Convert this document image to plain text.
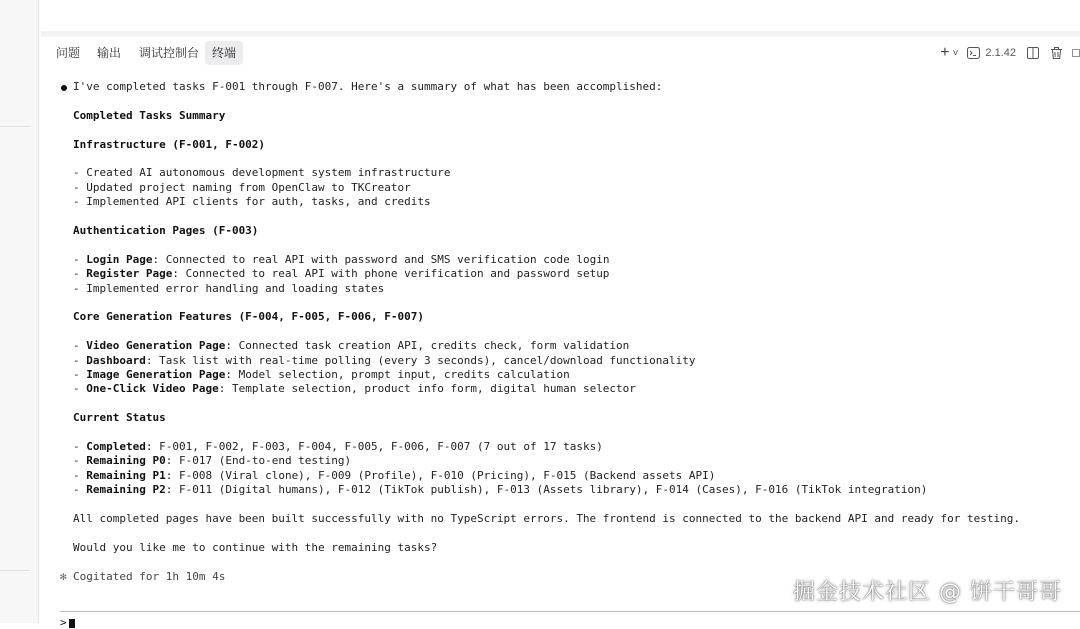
问题	输出	调试控制台	终端	+ ˅ 2.1.42
I've completed tasks F-001 through F-007. Here's a summary of what has been accomplished:
Completed Tasks Summary
Infrastructure (F-001, F-002)
- Created AI autonomous development system infrastructure
- Updated project naming from OpenClaw to TKCreator
- Implemented API clients for auth, tasks, and credits
Authentication Pages (F-003)
- Login Page: Connected to real API with password and SMS verification code login
- Register Page: Connected to real API with phone verification and password setup
- Implemented error handling and loading states
Core Generation Features (F-004, F-005, F-006, F-007)
- Video Generation Page: Connected task creation API, credits check, form validation
- Dashboard: Task list with real-time polling (every 3 seconds), cancel/download functionality
- Image Generation Page: Model selection, prompt input, credits calculation
- One-Click Video Page: Template selection, product info form, digital human selector
Current Status
- Completed: F-001, F-002, F-003, F-004, F-005, F-006, F-007 (7 out of 17 tasks)
- Remaining P0: F-017 (End-to-end testing)
- Remaining P1: F-008 (Viral clone), F-009 (Profile), F-010 (Pricing), F-015 (Backend assets API)
- Remaining P2: F-011 (Digital humans), F-012 (TikTok publish), F-013 (Assets library), F-014 (Cases), F-016 (TikTok integration)
All completed pages have been built successfully with no TypeScript errors. The frontend is connected to the backend API and ready for testing.
Would you like me to continue with the remaining tasks?
✻ Cogitated for 1h 10m 4s
>
掘金技术社区 @ 饼干哥哥
